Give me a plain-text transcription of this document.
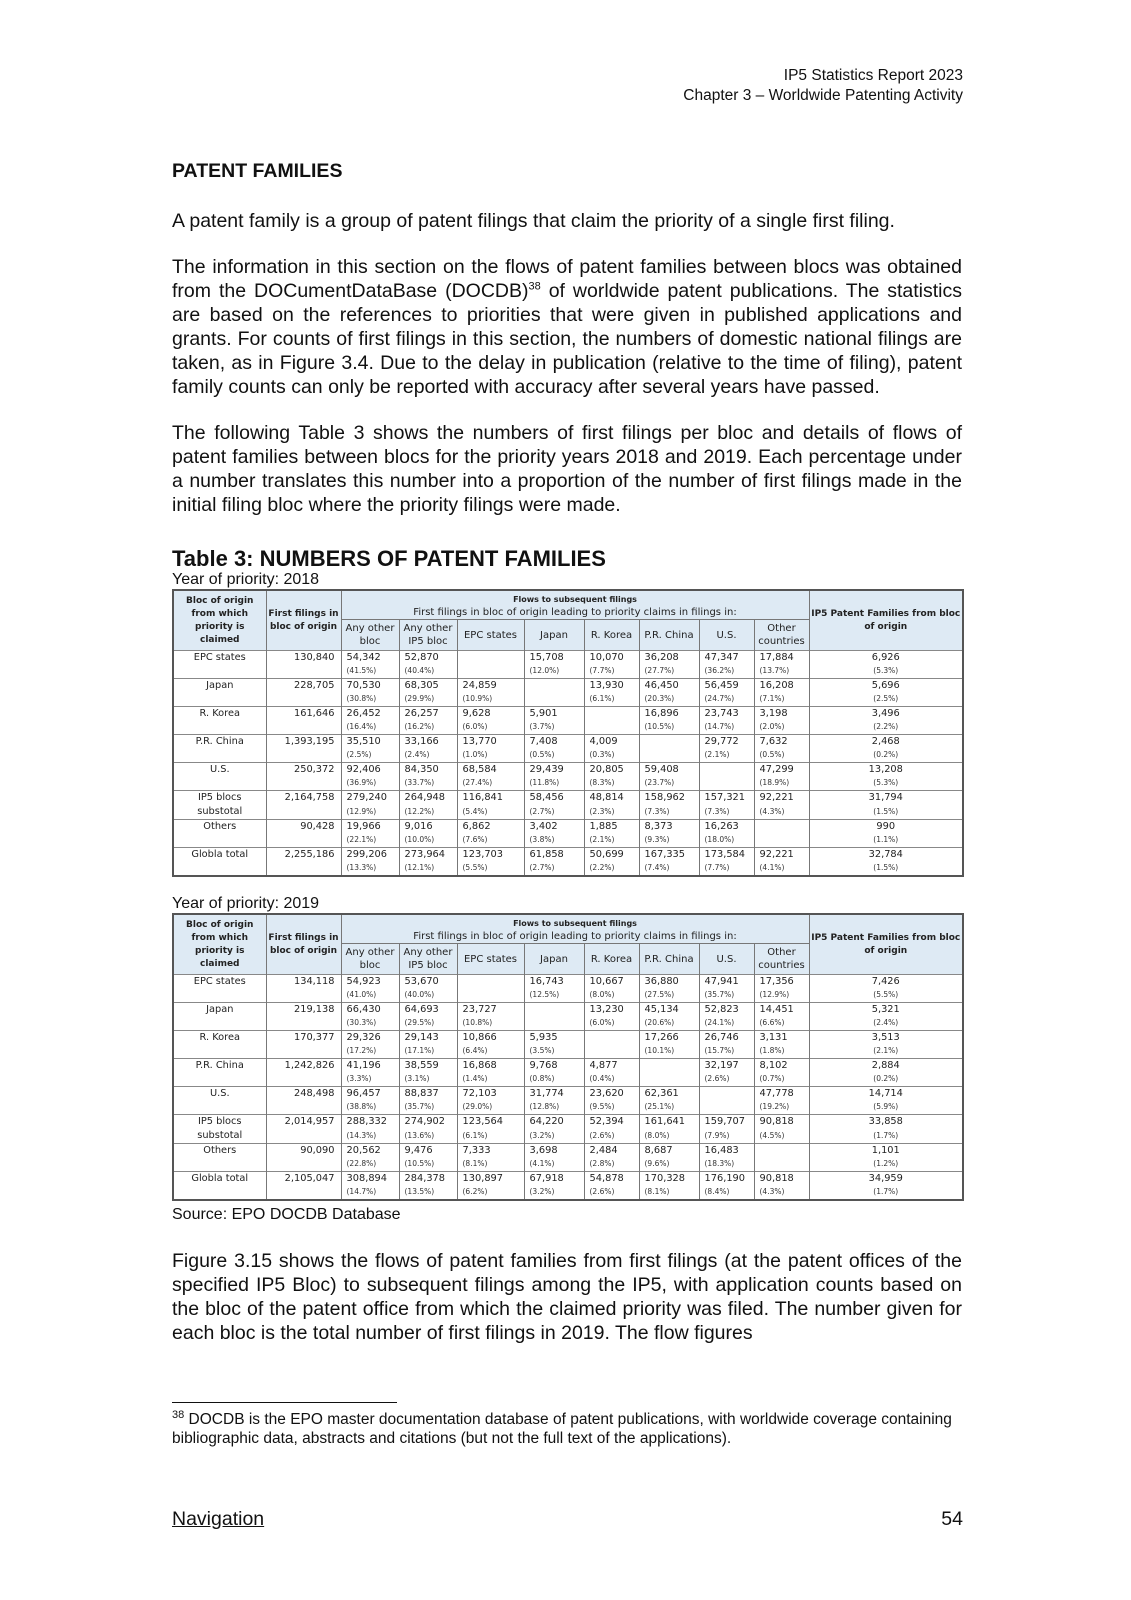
IP5 Statistics Report 2023
Chapter 3 – Worldwide Patenting Activity
PATENT FAMILIES

A patent family is a group of patent filings that claim the priority of a single first filing.

The information in this section on the flows of patent families between blocs was obtained from the DOCumentDataBase (DOCDB)$^{38}$ of worldwide patent publications. The statistics are based on the references to priorities that were given in published applications and grants. For counts of first filings in this section, the numbers of domestic national filings are taken, as in Figure 3.4. Due to the delay in publication (relative to the time of filing), patent family counts can only be reported with accuracy after several years have passed.

The following Table 3 shows the numbers of first filings per bloc and details of flows of patent families between blocs for the priority years 2018 and 2019. Each percentage under a number translates this number into a proportion of the number of first filings made in the initial filing bloc where the priority filings were made.

Table 3: NUMBERS OF PATENT FAMILIES
Year of priority: 2018
Bloc of origin from which priority is claimed	First filings in bloc of origin	Flows to subsequent filings								IP5 Patent Families from bloc of origin
		First filings in bloc of origin leading to priority claims in filings in:								
		Any other bloc	Any other IP5 bloc	EPC states	Japan	R. Korea	P.R. China	U.S.	Other countries	
EPC states	130,840	54,342	52,870		15,708	10,070	36,208	47,347	17,884	6,926
		(41.5%)	(40.4%)		(12.0%)	(7.7%)	(27.7%)	(36.2%)	(13.7%)	(5.3%)
Japan	228,705	70,530	68,305	24,859		13,930	46,450	56,459	16,208	5,696
		(30.8%)	(29.9%)	(10.9%)		(6.1%)	(20.3%)	(24.7%)	(7.1%)	(2.5%)
R. Korea	161,646	26,452	26,257	9,628	5,901		16,896	23,743	3,198	3,496
		(16.4%)	(16.2%)	(6.0%)	(3.7%)		(10.5%)	(14.7%)	(2.0%)	(2.2%)
P.R. China	1,393,195	35,510	33,166	13,770	7,408	4,009		29,772	7,632	2,468
		(2.5%)	(2.4%)	(1.0%)	(0.5%)	(0.3%)		(2.1%)	(0.5%)	(0.2%)
U.S.	250,372	92,406	84,350	68,584	29,439	20,805	59,408		47,299	13,208
		(36.9%)	(33.7%)	(27.4%)	(11.8%)	(8.3%)	(23.7%)		(18.9%)	(5.3%)
IP5 blocs substotal	2,164,758	279,240	264,948	116,841	58,456	48,814	158,962	157,321	92,221	31,794
		(12.9%)	(12.2%)	(5.4%)	(2.7%)	(2.3%)	(7.3%)	(7.3%)	(4.3%)	(1.5%)
Others	90,428	19,966	9,016	6,862	3,402	1,885	8,373	16,263		990
		(22.1%)	(10.0%)	(7.6%)	(3.8%)	(2.1%)	(9.3%)	(18.0%)		(1.1%)
Globla total	2,255,186	299,206	273,964	123,703	61,858	50,699	167,335	173,584	92,221	32,784
		(13.3%)	(12.1%)	(5.5%)	(2.7%)	(2.2%)	(7.4%)	(7.7%)	(4.1%)	(1.5%)
Year of priority: 2019
Bloc of origin from which priority is claimed	First filings in bloc of origin	Flows to subsequent filings								IP5 Patent Families from bloc of origin
		First filings in bloc of origin leading to priority claims in filings in:								
		Any other bloc	Any other IP5 bloc	EPC states	Japan	R. Korea	P.R. China	U.S.	Other countries	
EPC states	134,118	54,923	53,670		16,743	10,667	36,880	47,941	17,356	7,426
		(41.0%)	(40.0%)		(12.5%)	(8.0%)	(27.5%)	(35.7%)	(12.9%)	(5.5%)
Japan	219,138	66,430	64,693	23,727		13,230	45,134	52,823	14,451	5,321
		(30.3%)	(29.5%)	(10.8%)		(6.0%)	(20.6%)	(24.1%)	(6.6%)	(2.4%)
R. Korea	170,377	29,326	29,143	10,866	5,935		17,266	26,746	3,131	3,513
		(17.2%)	(17.1%)	(6.4%)	(3.5%)		(10.1%)	(15.7%)	(1.8%)	(2.1%)
P.R. China	1,242,826	41,196	38,559	16,868	9,768	4,877		32,197	8,102	2,884
		(3.3%)	(3.1%)	(1.4%)	(0.8%)	(0.4%)		(2.6%)	(0.7%)	(0.2%)
U.S.	248,498	96,457	88,837	72,103	31,774	23,620	62,361		47,778	14,714
		(38.8%)	(35.7%)	(29.0%)	(12.8%)	(9.5%)	(25.1%)		(19.2%)	(5.9%)
IP5 blocs substotal	2,014,957	288,332	274,902	123,564	64,220	52,394	161,641	159,707	90,818	33,858
		(14.3%)	(13.6%)	(6.1%)	(3.2%)	(2.6%)	(8.0%)	(7.9%)	(4.5%)	(1.7%)
Others	90,090	20,562	9,476	7,333	3,698	2,484	8,687	16,483		1,101
		(22.8%)	(10.5%)	(8.1%)	(4.1%)	(2.8%)	(9.6%)	(18.3%)		(1.2%)
Globla total	2,105,047	308,894	284,378	130,897	67,918	54,878	170,328	176,190	90,818	34,959
		(14.7%)	(13.5%)	(6.2%)	(3.2%)	(2.6%)	(8.1%)	(8.4%)	(4.3%)	(1.7%)
Source: EPO DOCDB Database

Figure 3.15 shows the flows of patent families from first filings (at the patent offices of the specified IP5 Bloc) to subsequent filings among the IP5, with application counts based on the bloc of the patent office from which the claimed priority was filed. The number given for each bloc is the total number of first filings in 2019. The flow figures

$^{38}$ DOCDB is the EPO master documentation database of patent publications, with worldwide coverage containing bibliographic data, abstracts and citations (but not the full text of the applications).
Navigation	54
